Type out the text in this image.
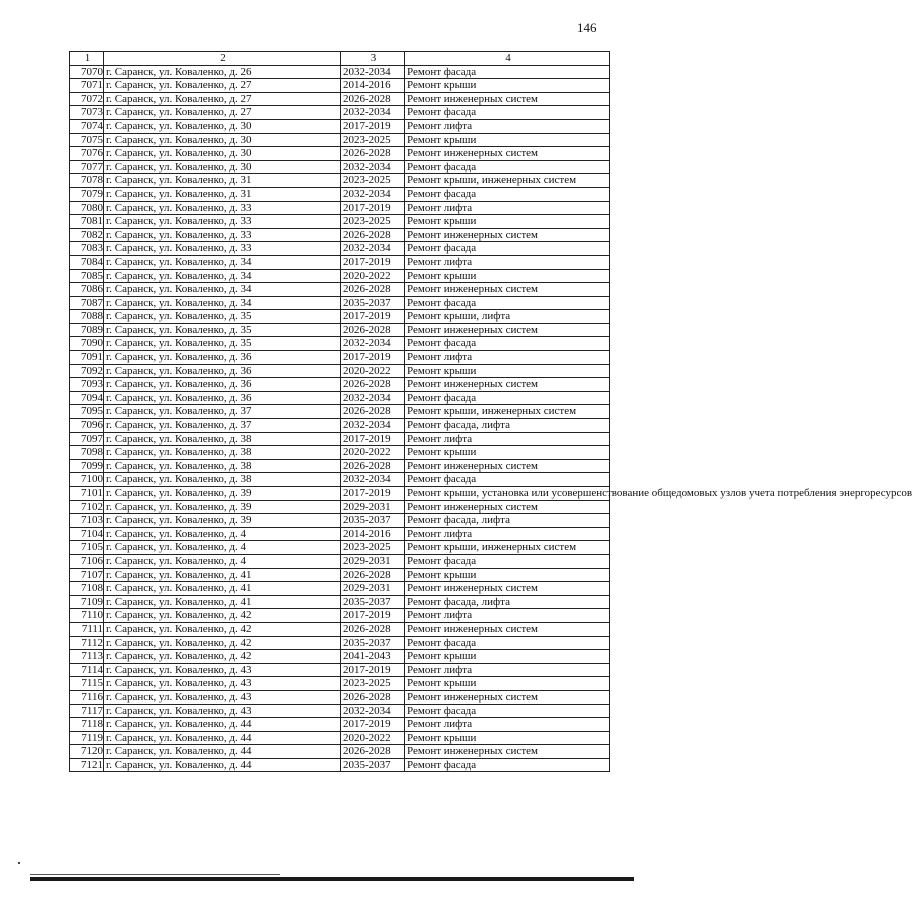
146
1	2	3	4
7070	г. Саранск, ул. Коваленко, д. 26	2032-2034	Ремонт фасада
7071	г. Саранск, ул. Коваленко, д. 27	2014-2016	Ремонт крыши
7072	г. Саранск, ул. Коваленко, д. 27	2026-2028	Ремонт инженерных систем
7073	г. Саранск, ул. Коваленко, д. 27	2032-2034	Ремонт фасада
7074	г. Саранск, ул. Коваленко, д. 30	2017-2019	Ремонт лифта
7075	г. Саранск, ул. Коваленко, д. 30	2023-2025	Ремонт крыши
7076	г. Саранск, ул. Коваленко, д. 30	2026-2028	Ремонт инженерных систем
7077	г. Саранск, ул. Коваленко, д. 30	2032-2034	Ремонт фасада
7078	г. Саранск, ул. Коваленко, д. 31	2023-2025	Ремонт крыши, инженерных систем
7079	г. Саранск, ул. Коваленко, д. 31	2032-2034	Ремонт фасада
7080	г. Саранск, ул. Коваленко, д. 33	2017-2019	Ремонт лифта
7081	г. Саранск, ул. Коваленко, д. 33	2023-2025	Ремонт крыши
7082	г. Саранск, ул. Коваленко, д. 33	2026-2028	Ремонт инженерных систем
7083	г. Саранск, ул. Коваленко, д. 33	2032-2034	Ремонт фасада
7084	г. Саранск, ул. Коваленко, д. 34	2017-2019	Ремонт лифта
7085	г. Саранск, ул. Коваленко, д. 34	2020-2022	Ремонт крыши
7086	г. Саранск, ул. Коваленко, д. 34	2026-2028	Ремонт инженерных систем
7087	г. Саранск, ул. Коваленко, д. 34	2035-2037	Ремонт фасада
7088	г. Саранск, ул. Коваленко, д. 35	2017-2019	Ремонт крыши, лифта
7089	г. Саранск, ул. Коваленко, д. 35	2026-2028	Ремонт инженерных систем
7090	г. Саранск, ул. Коваленко, д. 35	2032-2034	Ремонт фасада
7091	г. Саранск, ул. Коваленко, д. 36	2017-2019	Ремонт лифта
7092	г. Саранск, ул. Коваленко, д. 36	2020-2022	Ремонт крыши
7093	г. Саранск, ул. Коваленко, д. 36	2026-2028	Ремонт инженерных систем
7094	г. Саранск, ул. Коваленко, д. 36	2032-2034	Ремонт фасада
7095	г. Саранск, ул. Коваленко, д. 37	2026-2028	Ремонт крыши, инженерных систем
7096	г. Саранск, ул. Коваленко, д. 37	2032-2034	Ремонт фасада, лифта
7097	г. Саранск, ул. Коваленко, д. 38	2017-2019	Ремонт лифта
7098	г. Саранск, ул. Коваленко, д. 38	2020-2022	Ремонт крыши
7099	г. Саранск, ул. Коваленко, д. 38	2026-2028	Ремонт инженерных систем
7100	г. Саранск, ул. Коваленко, д. 38	2032-2034	Ремонт фасада
7101	г. Саранск, ул. Коваленко, д. 39	2017-2019	Ремонт крыши, установка или усовершенствование общедомовых узлов учета потребления энергоресурсов
7102	г. Саранск, ул. Коваленко, д. 39	2029-2031	Ремонт инженерных систем
7103	г. Саранск, ул. Коваленко, д. 39	2035-2037	Ремонт фасада, лифта
7104	г. Саранск, ул. Коваленко, д. 4	2014-2016	Ремонт лифта
7105	г. Саранск, ул. Коваленко, д. 4	2023-2025	Ремонт крыши, инженерных систем
7106	г. Саранск, ул. Коваленко, д. 4	2029-2031	Ремонт фасада
7107	г. Саранск, ул. Коваленко, д. 41	2026-2028	Ремонт крыши
7108	г. Саранск, ул. Коваленко, д. 41	2029-2031	Ремонт инженерных систем
7109	г. Саранск, ул. Коваленко, д. 41	2035-2037	Ремонт фасада, лифта
7110	г. Саранск, ул. Коваленко, д. 42	2017-2019	Ремонт лифта
7111	г. Саранск, ул. Коваленко, д. 42	2026-2028	Ремонт инженерных систем
7112	г. Саранск, ул. Коваленко, д. 42	2035-2037	Ремонт фасада
7113	г. Саранск, ул. Коваленко, д. 42	2041-2043	Ремонт крыши
7114	г. Саранск, ул. Коваленко, д. 43	2017-2019	Ремонт лифта
7115	г. Саранск, ул. Коваленко, д. 43	2023-2025	Ремонт крыши
7116	г. Саранск, ул. Коваленко, д. 43	2026-2028	Ремонт инженерных систем
7117	г. Саранск, ул. Коваленко, д. 43	2032-2034	Ремонт фасада
7118	г. Саранск, ул. Коваленко, д. 44	2017-2019	Ремонт лифта
7119	г. Саранск, ул. Коваленко, д. 44	2020-2022	Ремонт крыши
7120	г. Саранск, ул. Коваленко, д. 44	2026-2028	Ремонт инженерных систем
7121	г. Саранск, ул. Коваленко, д. 44	2035-2037	Ремонт фасада
